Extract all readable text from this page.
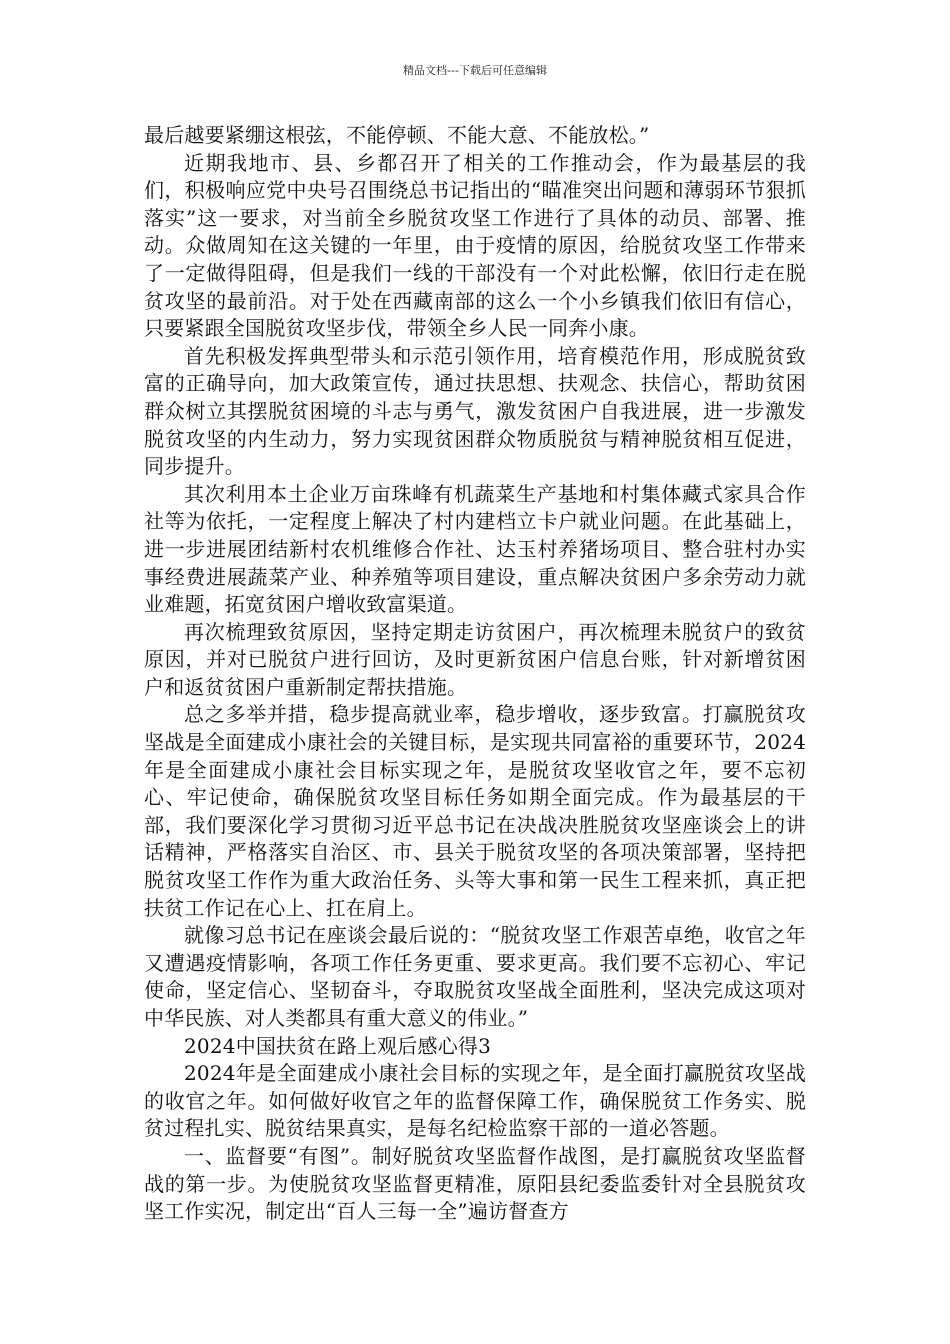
精品文档---下载后可任意编辑

最后越要紧绷这根弦，不能停顿、不能大意、不能放松。”

近期我地市、县、乡都召开了相关的工作推动会，作为最基层的我们，积极响应党中央号召围绕总书记指出的“瞄准突出问题和薄弱环节狠抓落实”这一要求，对当前全乡脱贫攻坚工作进行了具体的动员、部署、推动。众做周知在这关键的一年里，由于疫情的原因，给脱贫攻坚工作带来了一定做得阻碍，但是我们一线的干部没有一个对此松懈，依旧行走在脱贫攻坚的最前沿。对于处在西藏南部的这么一个小乡镇我们依旧有信心，只要紧跟全国脱贫攻坚步伐，带领全乡人民一同奔小康。

首先积极发挥典型带头和示范引领作用，培育模范作用，形成脱贫致富的正确导向，加大政策宣传，通过扶思想、扶观念、扶信心，帮助贫困群众树立其摆脱贫困境的斗志与勇气，激发贫困户自我进展，进一步激发脱贫攻坚的内生动力，努力实现贫困群众物质脱贫与精神脱贫相互促进，同步提升。

其次利用本土企业万亩珠峰有机蔬菜生产基地和村集体藏式家具合作社等为依托，一定程度上解决了村内建档立卡户就业问题。在此基础上，进一步进展团结新村农机维修合作社、达玉村养猪场项目、整合驻村办实事经费进展蔬菜产业、种养殖等项目建设，重点解决贫困户多余劳动力就业难题，拓宽贫困户增收致富渠道。

再次梳理致贫原因，坚持定期走访贫困户，再次梳理未脱贫户的致贫原因，并对已脱贫户进行回访，及时更新贫困户信息台账，针对新增贫困户和返贫贫困户重新制定帮扶措施。

总之多举并措，稳步提高就业率，稳步增收，逐步致富。打赢脱贫攻坚战是全面建成小康社会的关键目标，是实现共同富裕的重要环节，2024年是全面建成小康社会目标实现之年，是脱贫攻坚收官之年，要不忘初心、牢记使命，确保脱贫攻坚目标任务如期全面完成。作为最基层的干部，我们要深化学习贯彻习近平总书记在决战决胜脱贫攻坚座谈会上的讲话精神，严格落实自治区、市、县关于脱贫攻坚的各项决策部署，坚持把脱贫攻坚工作作为重大政治任务、头等大事和第一民生工程来抓，真正把扶贫工作记在心上、扛在肩上。

就像习总书记在座谈会最后说的：“脱贫攻坚工作艰苦卓绝，收官之年又遭遇疫情影响，各项工作任务更重、要求更高。我们要不忘初心、牢记使命，坚定信心、坚韧奋斗，夺取脱贫攻坚战全面胜利，坚决完成这项对中华民族、对人类都具有重大意义的伟业。”

2024中国扶贫在路上观后感心得3

2024年是全面建成小康社会目标的实现之年，是全面打赢脱贫攻坚战的收官之年。如何做好收官之年的监督保障工作，确保脱贫工作务实、脱贫过程扎实、脱贫结果真实，是每名纪检监察干部的一道必答题。

一、监督要“有图”。制好脱贫攻坚监督作战图，是打赢脱贫攻坚监督战的第一步。为使脱贫攻坚监督更精准，原阳县纪委监委针对全县脱贫攻坚工作实况，制定出“百人三每一全”遍访督查方
